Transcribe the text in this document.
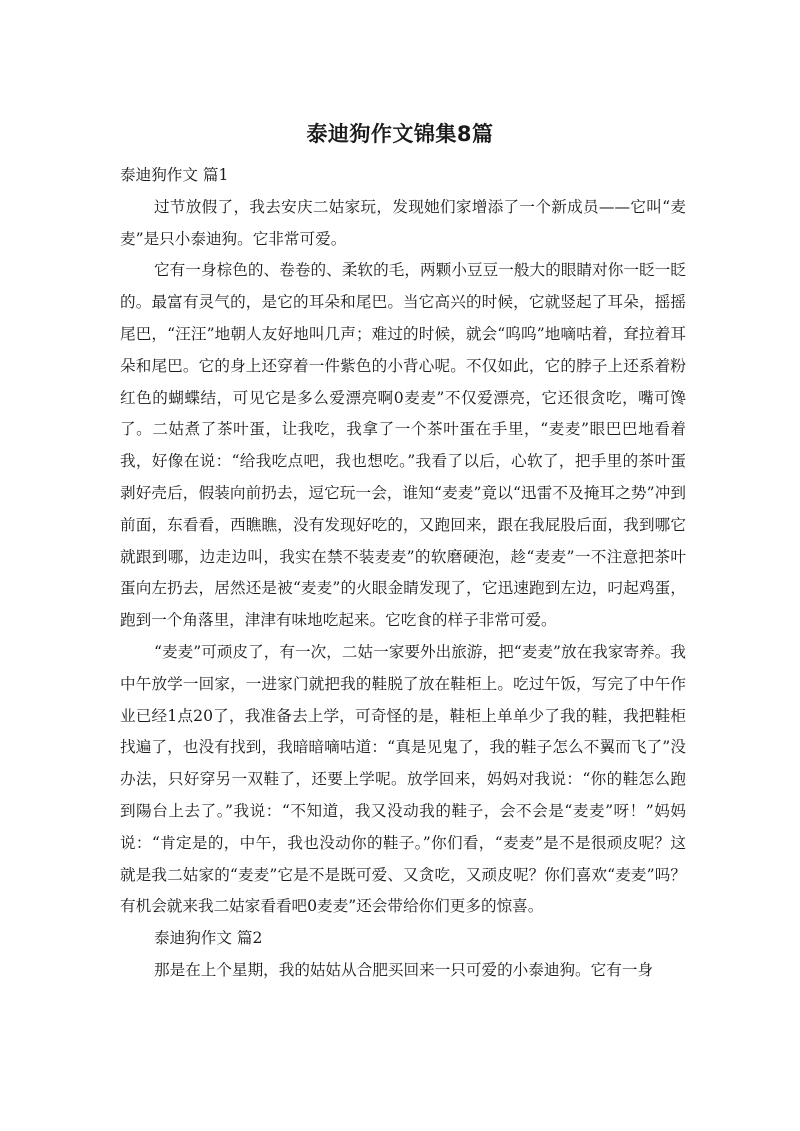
泰迪狗作文锦集8篇
泰迪狗作文 篇1

过节放假了，我去安庆二姑家玩，发现她们家增添了一个新成员——它叫“麦麦”是只小泰迪狗。它非常可爱。

它有一身棕色的、卷卷的、柔软的毛，两颗小豆豆一般大的眼睛对你一眨一眨的。最富有灵气的，是它的耳朵和尾巴。当它高兴的时候，它就竖起了耳朵，摇摇尾巴，“汪汪”地朝人友好地叫几声；难过的时候，就会“呜呜”地嘀咕着，耷拉着耳朵和尾巴。它的身上还穿着一件紫色的小背心呢。不仅如此，它的脖子上还系着粉红色的蝴蝶结，可见它是多么爱漂亮啊0麦麦”不仅爱漂亮，它还很贪吃，嘴可馋了。二姑煮了茶叶蛋，让我吃，我拿了一个茶叶蛋在手里，“麦麦”眼巴巴地看着我，好像在说：“给我吃点吧，我也想吃。”我看了以后，心软了，把手里的茶叶蛋剥好壳后，假装向前扔去，逗它玩一会，谁知“麦麦”竟以“迅雷不及掩耳之势”冲到前面，东看看，西瞧瞧，没有发现好吃的，又跑回来，跟在我屁股后面，我到哪它就跟到哪，边走边叫，我实在禁不装麦麦”的软磨硬泡，趁“麦麦”一不注意把茶叶蛋向左扔去，居然还是被“麦麦”的火眼金睛发现了，它迅速跑到左边，叼起鸡蛋，跑到一个角落里，津津有味地吃起来。它吃食的样子非常可爱。

“麦麦”可顽皮了，有一次，二姑一家要外出旅游，把“麦麦”放在我家寄养。我中午放学一回家，一进家门就把我的鞋脱了放在鞋柜上。吃过午饭，写完了中午作业已经1点20了，我准备去上学，可奇怪的是，鞋柜上单单少了我的鞋，我把鞋柜找遍了，也没有找到，我暗暗嘀咕道：“真是见鬼了，我的鞋子怎么不翼而飞了”没办法，只好穿另一双鞋了，还要上学呢。放学回来，妈妈对我说：“你的鞋怎么跑到陽台上去了。”我说：“不知道，我又没动我的鞋子，会不会是“麦麦”呀！”妈妈说：“肯定是的，中午，我也没动你的鞋子。”你们看，“麦麦”是不是很顽皮呢？这就是我二姑家的“麦麦”它是不是既可爱、又贪吃，又顽皮呢？你们喜欢“麦麦”吗？有机会就来我二姑家看看吧0麦麦”还会带给你们更多的惊喜。

泰迪狗作文 篇2

那是在上个星期，我的姑姑从合肥买回来一只可爱的小泰迪狗。它有一身
